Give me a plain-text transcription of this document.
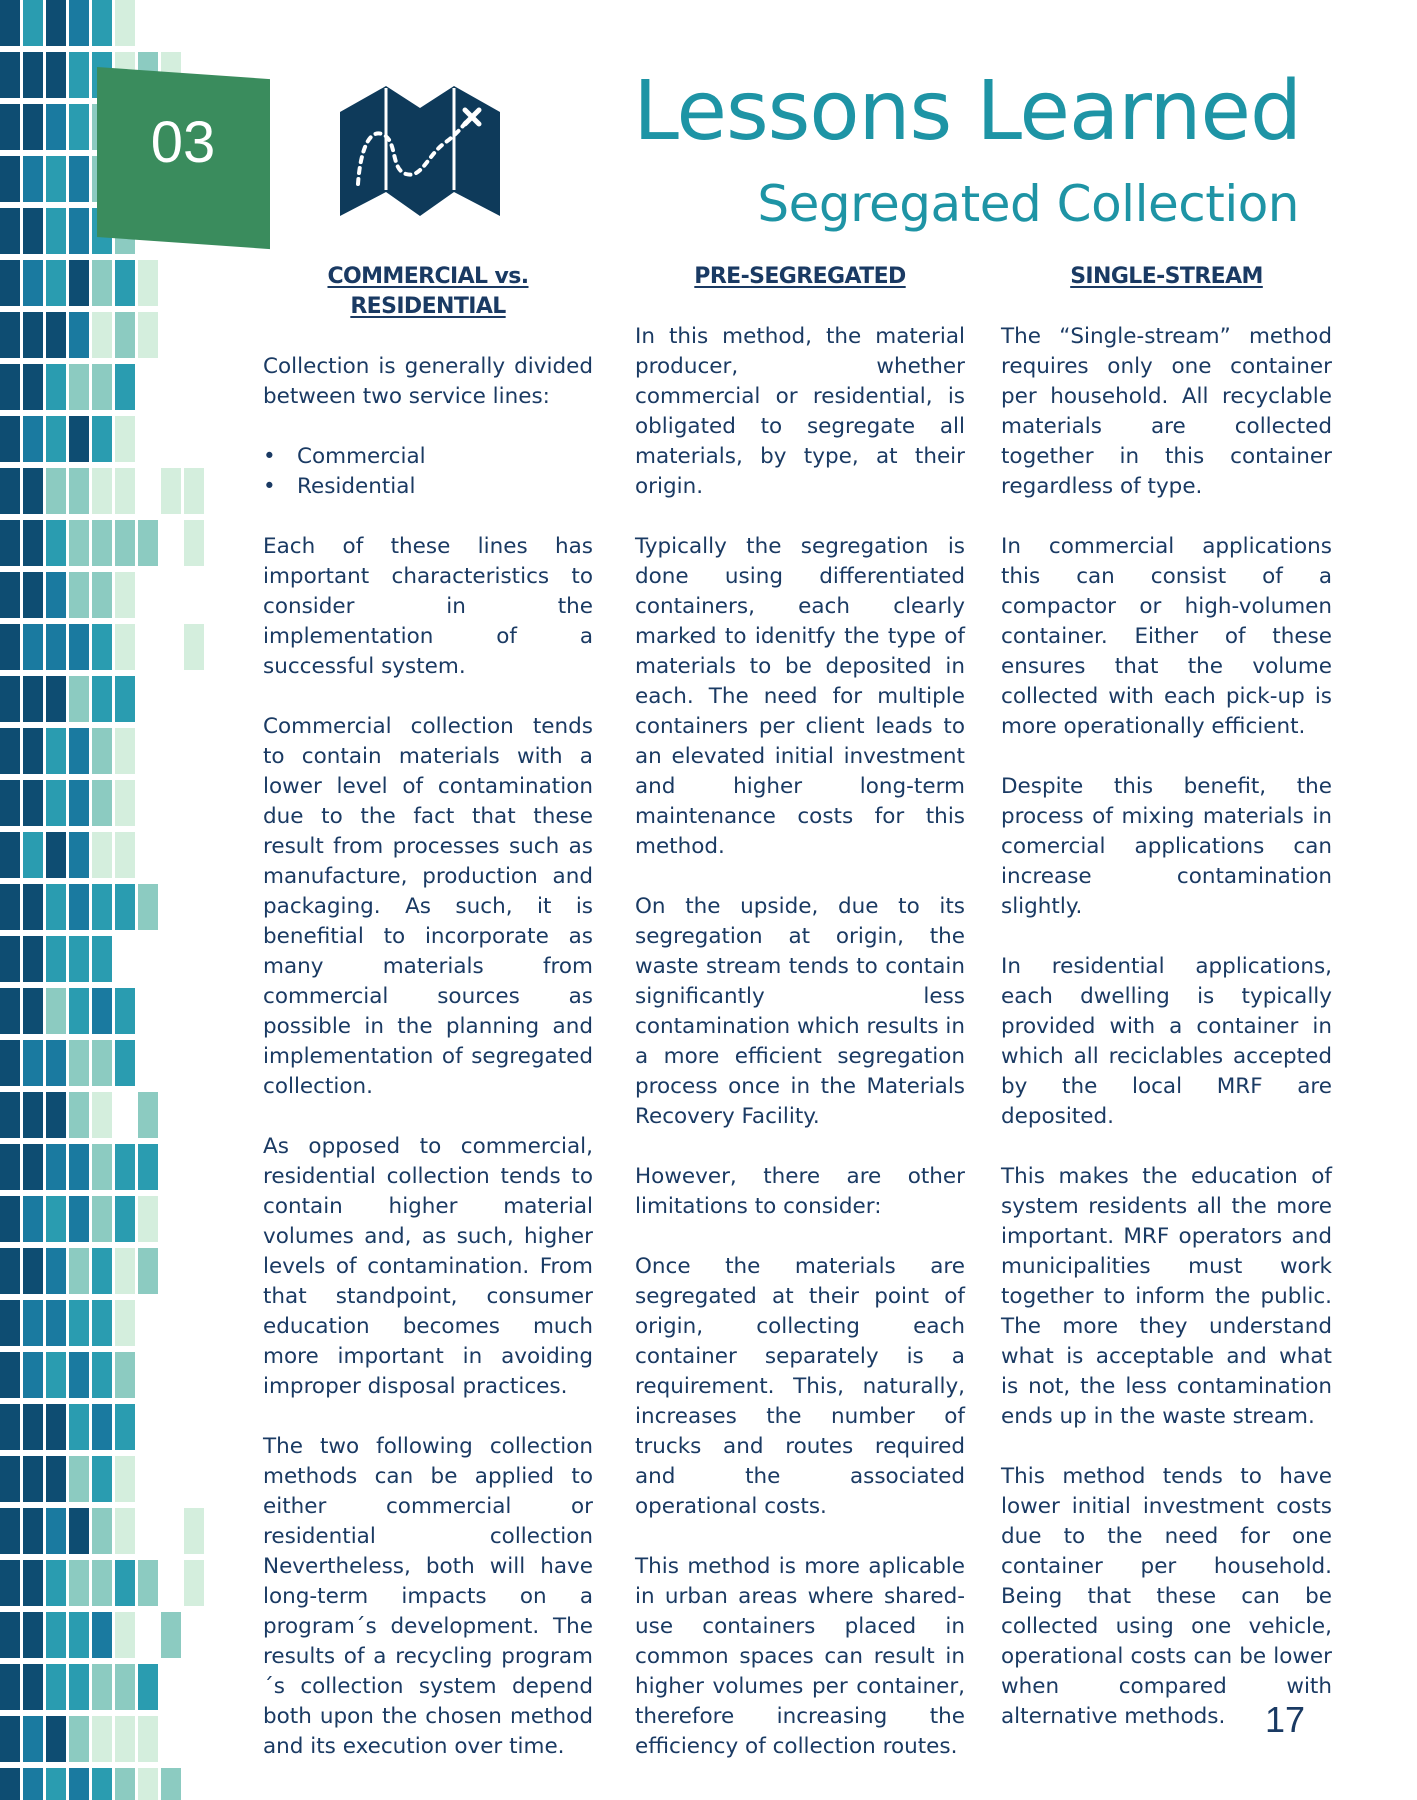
03	Lessons Learned
Segregated Collection
COMMERCIAL vs. RESIDENTIAL

Collection is generally divided between two service lines:

• Commercial
• Residential

Each of these lines has important characteristics to consider in the implementation of a successful system.

Commercial collection tends to contain materials with a lower level of contamination due to the fact that these result from processes such as manufacture, production and packaging. As such, it is benefitial to incorporate as many materials from commercial sources as possible in the planning and implementation of segregated collection.

As opposed to commercial, residential collection tends to contain higher material volumes and, as such, higher levels of contamination. From that standpoint, consumer education becomes much more important in avoiding improper disposal practices.

The two following collection methods can be applied to either commercial or residential collection Nevertheless, both will have long-term impacts on a program´s development. The results of a recycling program´s collection system depend both upon the chosen method and its execution over time.

PRE-SEGREGATED

In this method, the material producer, whether commercial or residential, is obligated to segregate all materials, by type, at their origin.

Typically the segregation is done using differentiated containers, each clearly marked to idenitfy the type of materials to be deposited in each. The need for multiple containers per client leads to an elevated initial investment and higher long-term maintenance costs for this method.

On the upside, due to its segregation at origin, the waste stream tends to contain significantly less contamination which results in a more efficient segregation process once in the Materials Recovery Facility.

However, there are other limitations to consider:

Once the materials are segregated at their point of origin, collecting each container separately is a requirement. This, naturally, increases the number of trucks and routes required and the associated operational costs.

This method is more aplicable in urban areas where shared-use containers placed in common spaces can result in higher volumes per container, therefore increasing the efficiency of collection routes.

SINGLE-STREAM

The “Single-stream” method requires only one container per household. All recyclable materials are collected together in this container regardless of type.

In commercial applications this can consist of a compactor or high-volumen container. Either of these ensures that the volume collected with each pick-up is more operationally efficient.

Despite this benefit, the process of mixing materials in comercial applications can increase contamination slightly.

In residential applications, each dwelling is typically provided with a container in which all reciclables accepted by the local MRF are deposited.

This makes the education of system residents all the more important. MRF operators and municipalities must work together to inform the public. The more they understand what is acceptable and what is not, the less contamination ends up in the waste stream.

This method tends to have lower initial investment costs due to the need for one container per household. Being that these can be collected using one vehicle, operational costs can be lower when compared with alternative methods.	17
